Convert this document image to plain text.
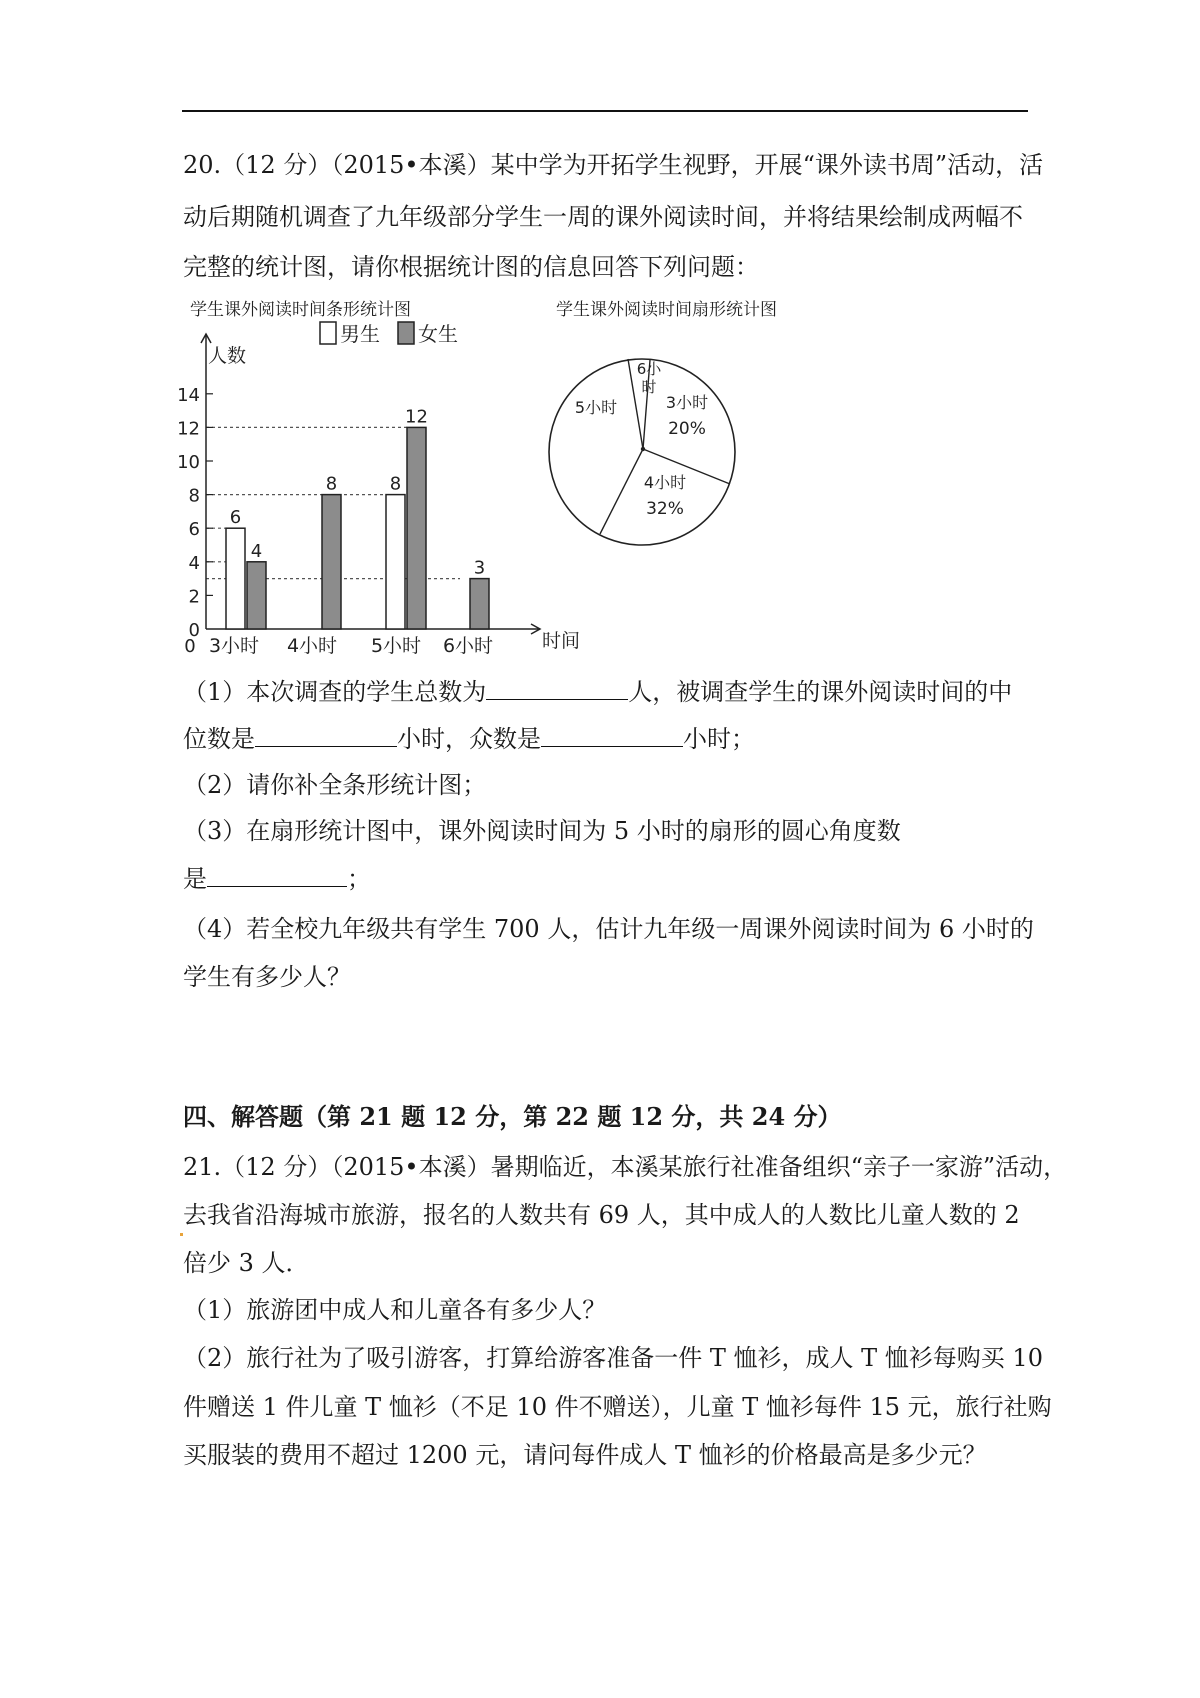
20.（12 分）（2015•本溪）某中学为开拓学生视野，开展“课外读书周”活动，活
动后期随机调查了九年级部分学生一周的课外阅读时间，并将结果绘制成两幅不
完整的统计图，请你根据统计图的信息回答下列问题：
学生课外阅读时间条形统计图
人数
时间
男生 女生
0
2
4
6
8
10
12
14
6
4
8	8
12
3
3小时 4小时 5小时 6小时
0
学生课外阅读时间扇形统计图
3小时
20%
4小时
32%
5小时
6小
时
（1）本次调查的学生总数为	人，被调查学生的课外阅读时间的中
位数是	小时，众数是	小时；
（2）请你补全条形统计图；
（3）在扇形统计图中，课外阅读时间为 5 小时的扇形的圆心角度数
是	；
（4）若全校九年级共有学生 700 人，估计九年级一周课外阅读时间为 6 小时的
学生有多少人？
四、解答题（第 21 题 12 分，第 22 题 12 分，共 24 分）
21.（12 分）（2015•本溪）暑期临近，本溪某旅行社准备组织“亲子一家游”活动，
去我省沿海城市旅游，报名的人数共有 69 人，其中成人的人数比儿童人数的 2
倍少 3 人．
（1）旅游团中成人和儿童各有多少人？
（2）旅行社为了吸引游客，打算给游客准备一件 T 恤衫，成人 T 恤衫每购买 10
件赠送 1 件儿童 T 恤衫（不足 10 件不赠送），儿童 T 恤衫每件 15 元，旅行社购
买服装的费用不超过 1200 元，请问每件成人 T 恤衫的价格最高是多少元？
